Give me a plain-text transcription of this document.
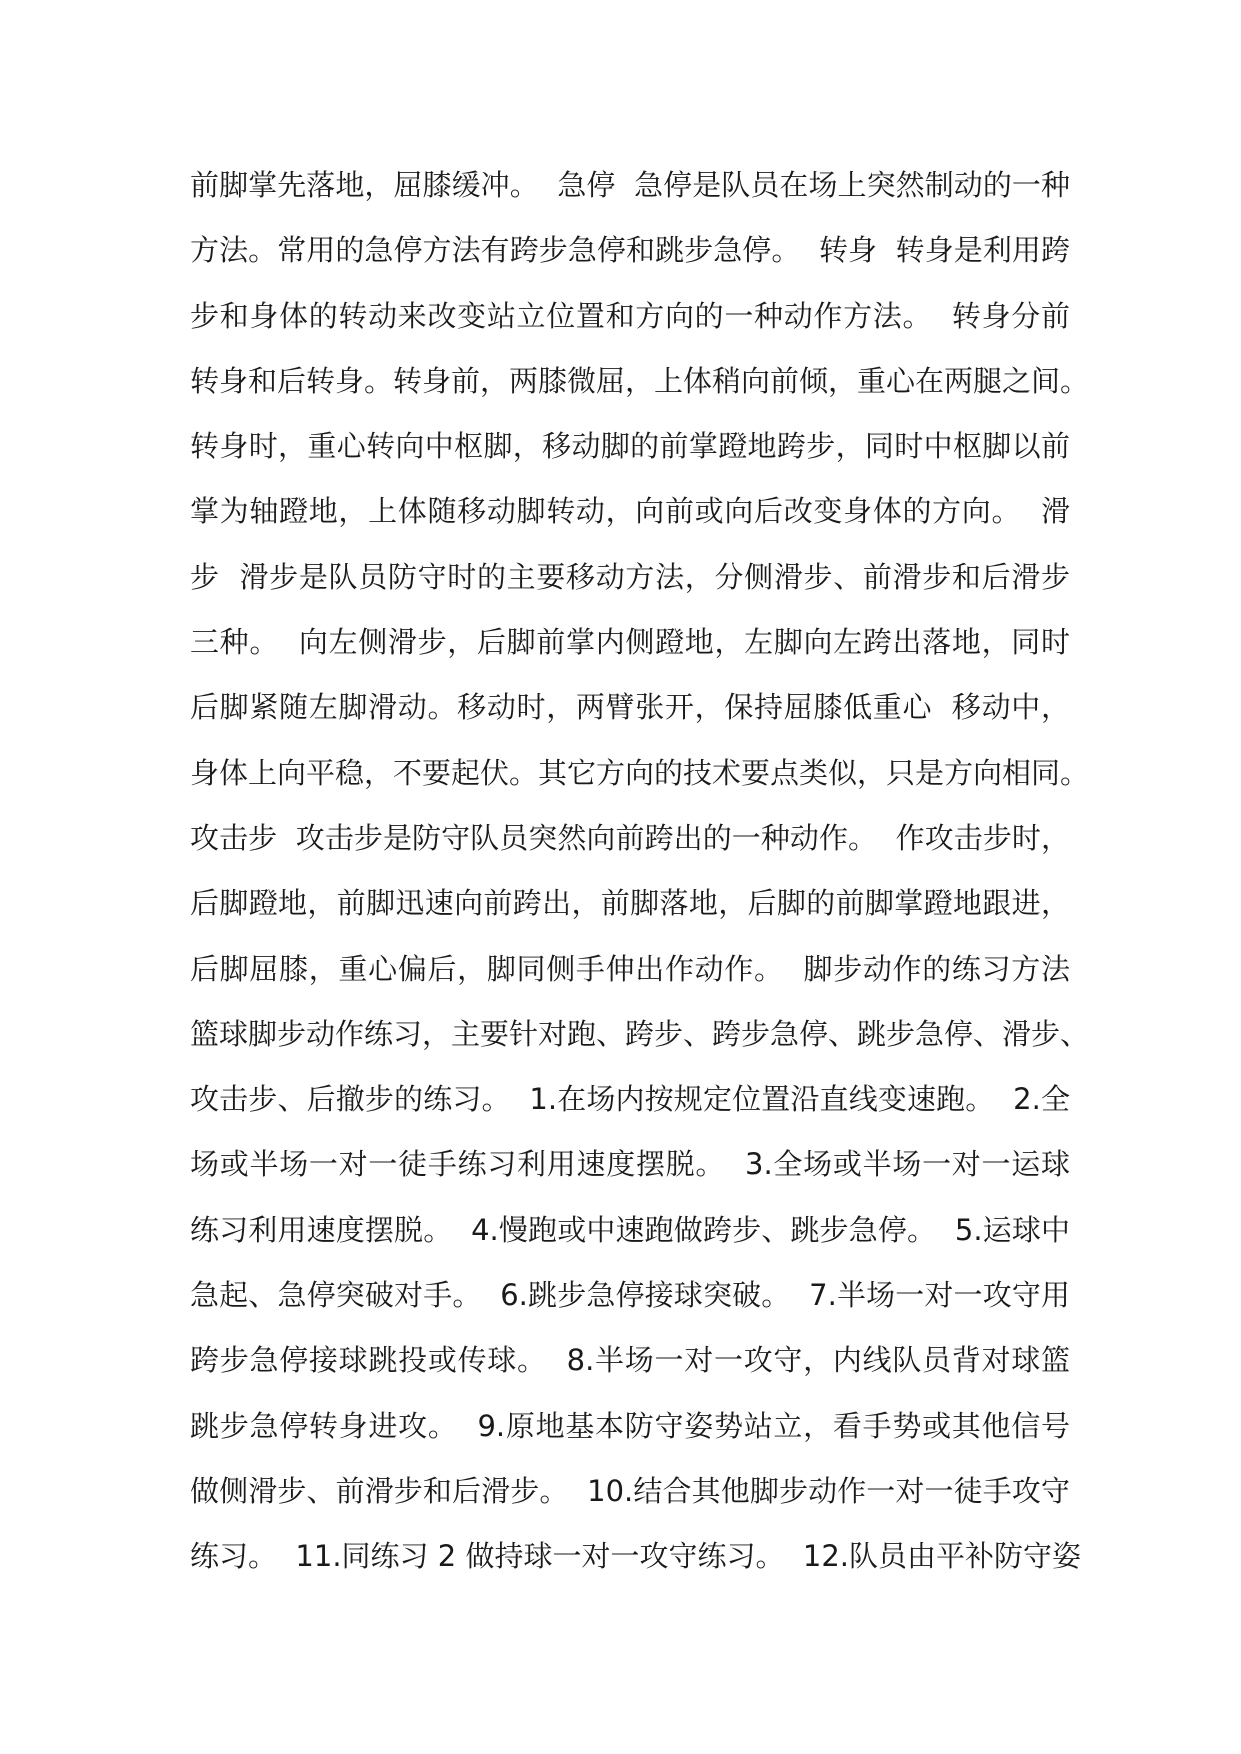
前脚掌先落地，屈膝缓冲。  急停  急停是队员在场上突然制动的一种
方法。常用的急停方法有跨步急停和跳步急停。  转身  转身是利用跨
步和身体的转动来改变站立位置和方向的一种动作方法。  转身分前
转身和后转身。转身前，两膝微屈，上体稍向前倾，重心在两腿之间。
转身时，重心转向中枢脚，移动脚的前掌蹬地跨步，同时中枢脚以前
掌为轴蹬地，上体随移动脚转动，向前或向后改变身体的方向。  滑
步  滑步是队员防守时的主要移动方法，分侧滑步、前滑步和后滑步
三种。  向左侧滑步，后脚前掌内侧蹬地，左脚向左跨出落地，同时
后脚紧随左脚滑动。移动时，两臂张开，保持屈膝低重心  移动中，
身体上向平稳，不要起伏。其它方向的技术要点类似，只是方向相同。
攻击步  攻击步是防守队员突然向前跨出的一种动作。  作攻击步时，
后脚蹬地，前脚迅速向前跨出，前脚落地，后脚的前脚掌蹬地跟进，
后脚屈膝，重心偏后，脚同侧手伸出作动作。  脚步动作的练习方法
篮球脚步动作练习，主要针对跑、跨步、跨步急停、跳步急停、滑步、
攻击步、后撤步的练习。  1.在场内按规定位置沿直线变速跑。  2.全
场或半场一对一徒手练习利用速度摆脱。  3.全场或半场一对一运球
练习利用速度摆脱。  4.慢跑或中速跑做跨步、跳步急停。  5.运球中
急起、急停突破对手。  6.跳步急停接球突破。  7.半场一对一攻守用
跨步急停接球跳投或传球。  8.半场一对一攻守，内线队员背对球篮
跳步急停转身进攻。  9.原地基本防守姿势站立，看手势或其他信号
做侧滑步、前滑步和后滑步。  10.结合其他脚步动作一对一徒手攻守
练习。  11.同练习 2 做持球一对一攻守练习。  12.队员由平补防守姿
